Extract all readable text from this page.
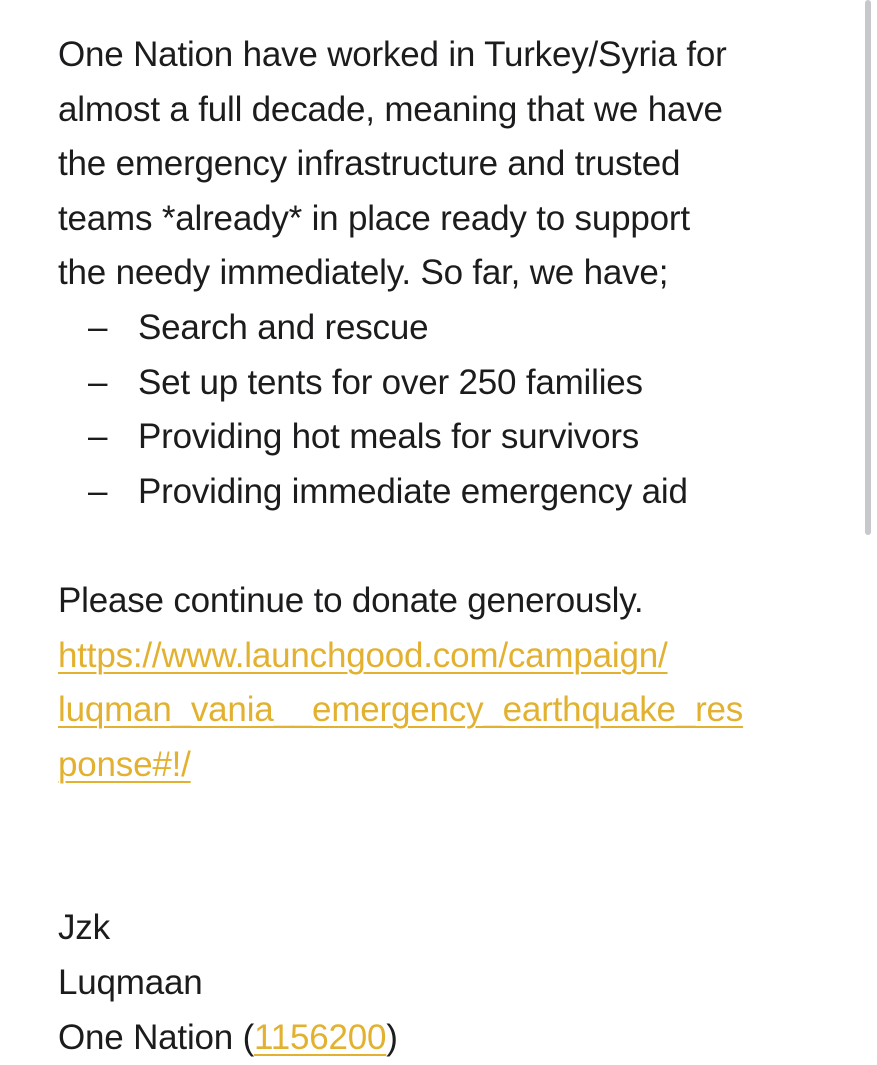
One Nation have worked in Turkey/Syria for
almost a full decade, meaning that we have
the emergency infrastructure and trusted
teams *already* in place ready to support
the needy immediately. So far, we have;
– Search and rescue
– Set up tents for over 250 families
– Providing hot meals for survivors
– Providing immediate emergency aid
Please continue to donate generously.
https://www.launchgood.com/campaign/
luqman_vania__emergency_earthquake_res
ponse#!/
Jzk
Luqmaan
One Nation (1156200)
